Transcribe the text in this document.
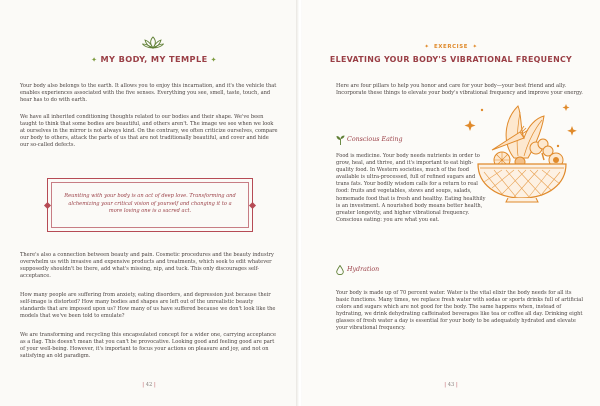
✦ MY BODY, MY TEMPLE ✦

Your body also belongs to the earth. It allows you to enjoy this incarnation, and it's the vehicle that enables experiences associated with the five senses. Everything you see, smell, taste, touch, and hear has to do with earth.

We have all inherited conditioning thoughts related to our bodies and their shape. We've been taught to think that some bodies are beautiful, and others aren't. The image we see when we look at ourselves in the mirror is not always kind. On the contrary, we often criticize ourselves, compare our body to others, attack the parts of us that are not traditionally beautiful, and cover and hide our so-called defects.

Reuniting with your body is an act of deep love. Transforming and alchemizing your critical vision of yourself and changing it to a more loving one is a sacred act.

There's also a connection between beauty and pain. Cosmetic procedures and the beauty industry overwhelm us with invasive and expensive products and treatments, which seek to edit whatever supposedly shouldn't be there, add what's missing, nip, and tuck. This only discourages self-acceptance.

How many people are suffering from anxiety, eating disorders, and depression just because their self-image is distorted? How many bodies and shapes are left out of the unrealistic beauty standards that are imposed upon us? How many of us have suffered because we don't look like the models that we've been told to emulate?

We are transforming and recycling this encapsulated concept for a wider one, carrying acceptance as a flag. This doesn't mean that you can't be provocative. Looking good and feeling good are part of your well-being. However, it's important to focus your actions on pleasure and joy, and not on satisfying an old paradigm.

| 42 |
✦ EXERCISE ✦
ELEVATING YOUR BODY'S VIBRATIONAL FREQUENCY

Here are four pillars to help you honor and care for your body—your best friend and ally. Incorporate these things to elevate your body's vibrational frequency and improve your energy.

Conscious Eating

Food is medicine. Your body needs nutrients in order to grow, heal, and thrive, and it's important to eat high-quality food. In Western societies, much of the food available is ultra-processed, full of refined sugars and trans fats. Your bodily wisdom calls for a return to real food: fruits and vegetables, stews and soups, salads, homemade food that is fresh and healthy. Eating healthily is an investment. A nourished body means better health, greater longevity, and higher vibrational frequency. Conscious eating: you are what you eat.

Hydration

Your body is made up of 70 percent water. Water is the vital elixir the body needs for all its basic functions. Many times, we replace fresh water with sodas or sports drinks full of artificial colors and sugars which are not good for the body. The same happens when, instead of hydrating, we drink dehydrating caffeinated beverages like tea or coffee all day. Drinking eight glasses of fresh water a day is essential for your body to be adequately hydrated and elevate your vibrational frequency.

| 43 |
